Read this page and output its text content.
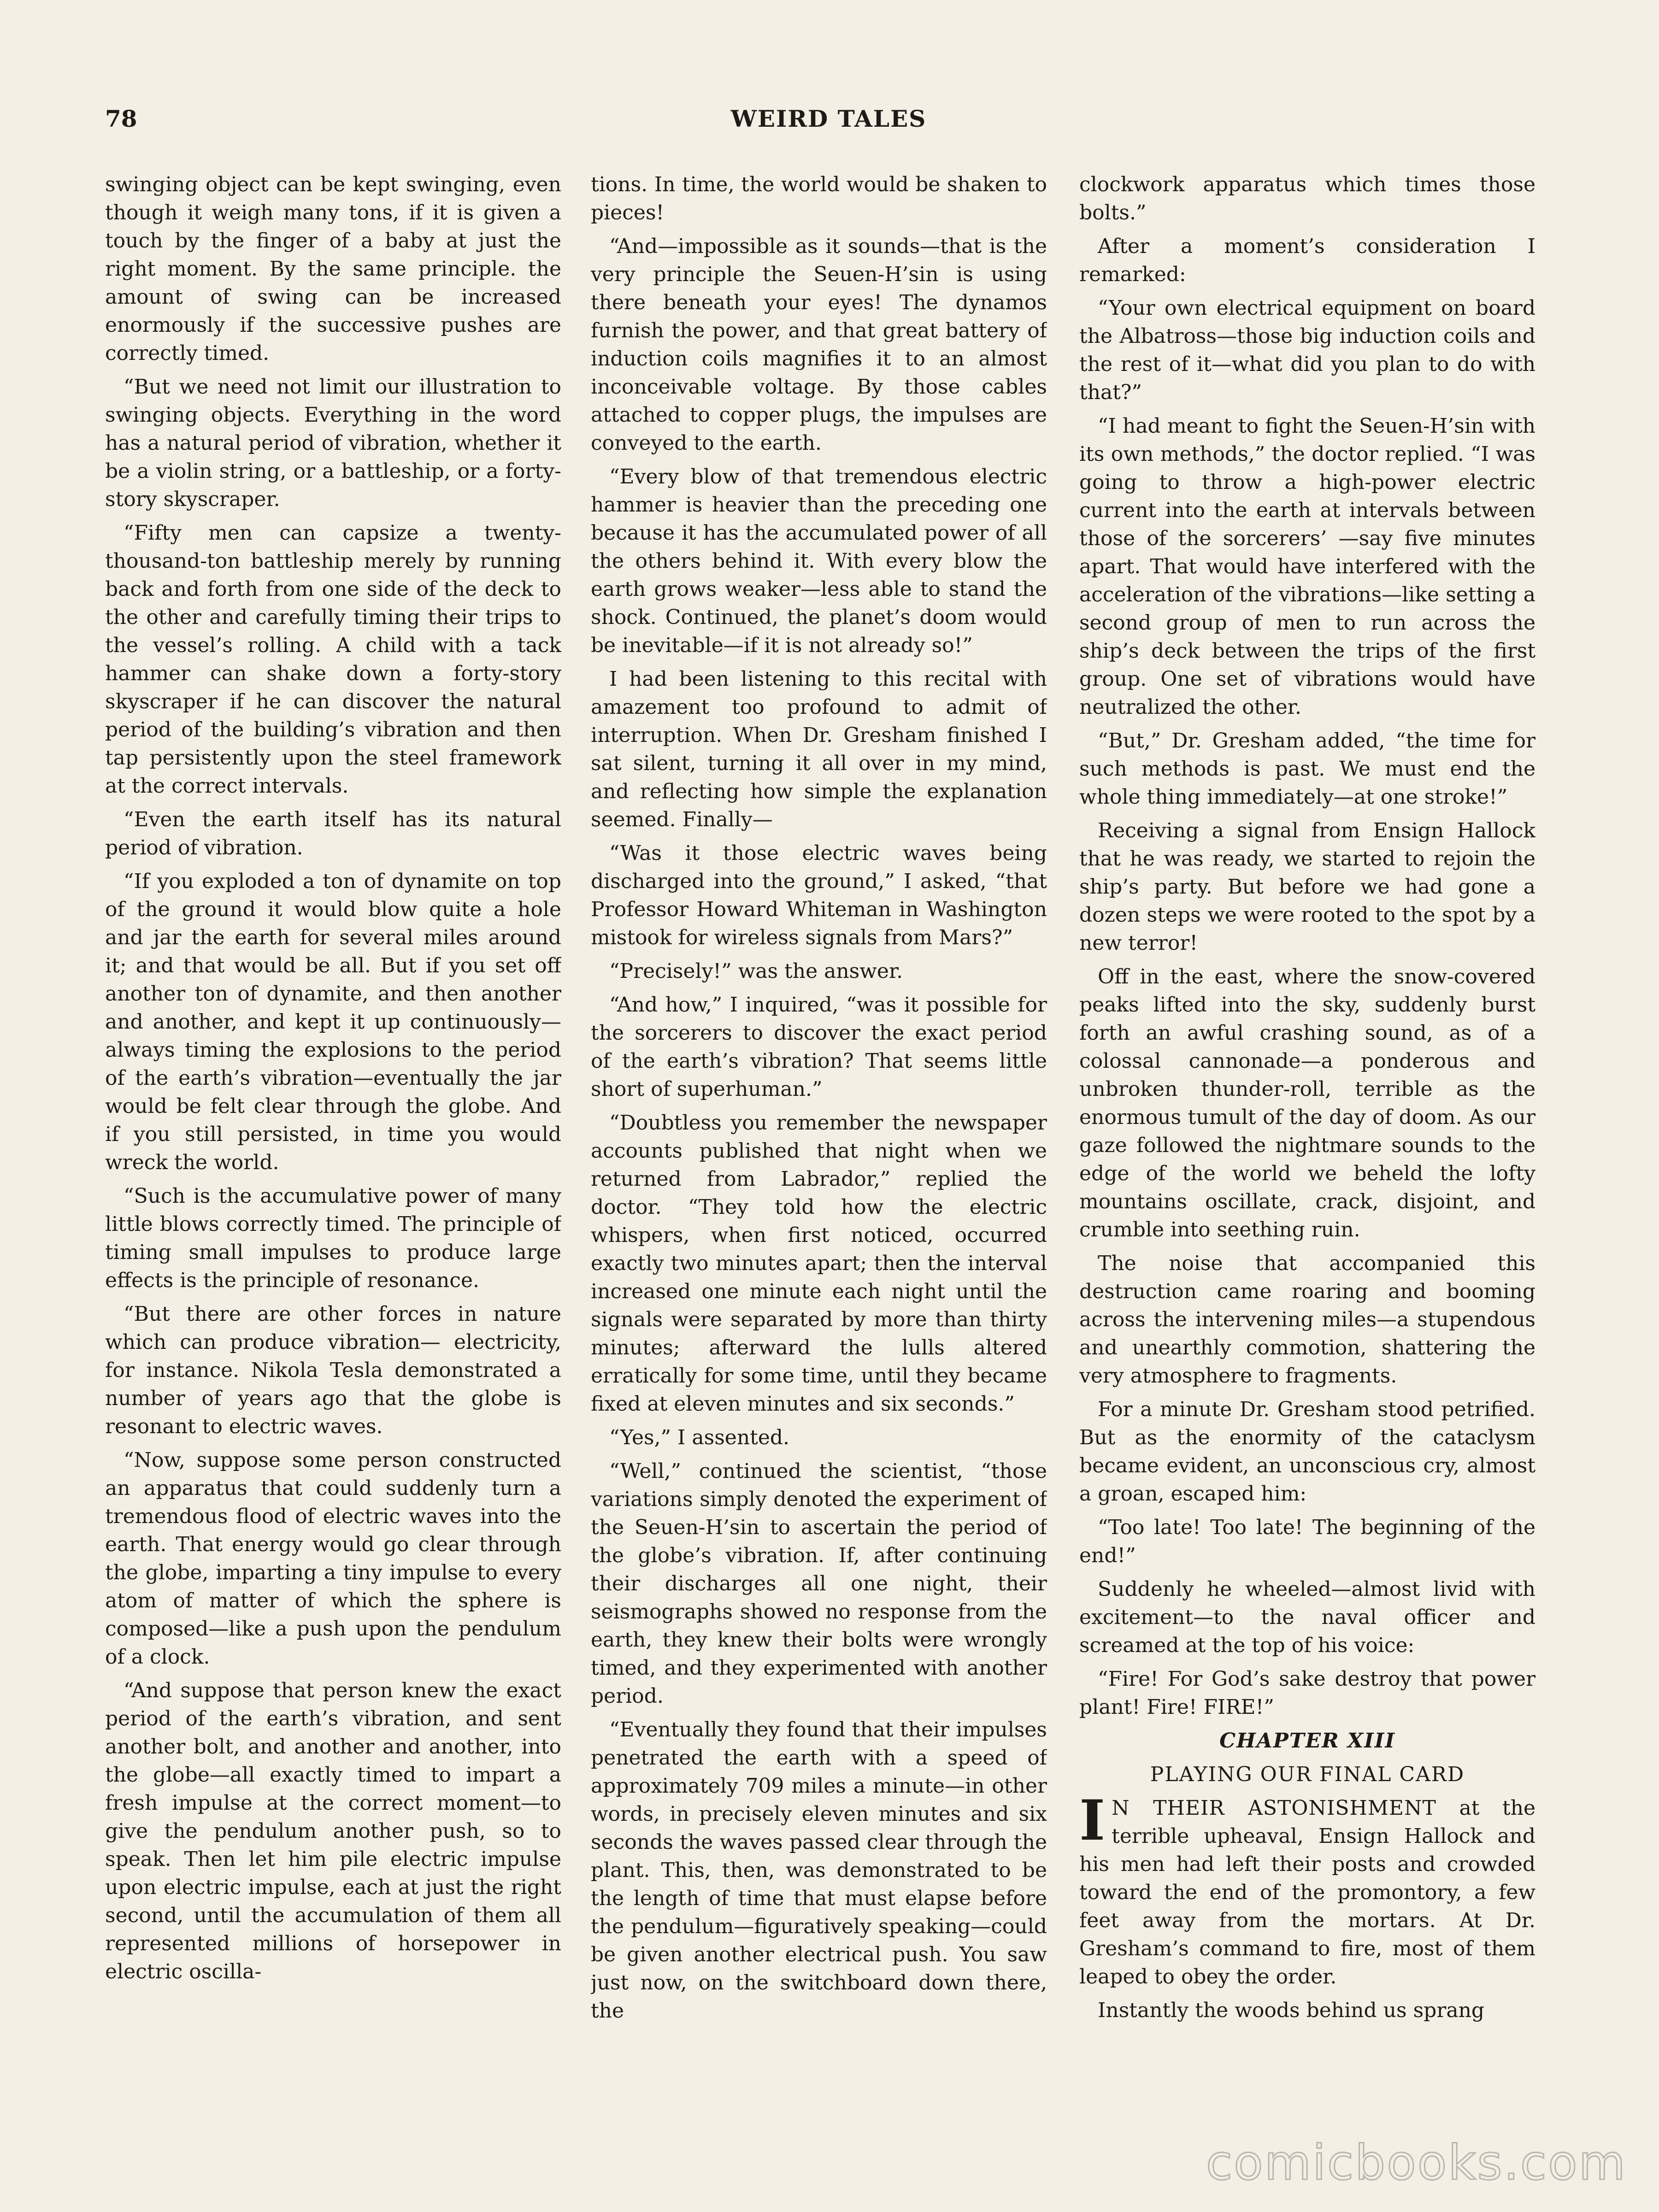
78	WEIRD TALES

swinging object can be kept swinging, even though it weigh many tons, if it is given a touch by the finger of a baby at just the right moment. By the same principle. the amount of swing can be increased enormously if the successive pushes are correctly timed.

“But we need not limit our illustration to swinging objects. Everything in the word has a natural period of vibration, whether it be a violin string, or a battleship, or a forty-story skyscraper.

“Fifty men can capsize a twenty-thousand-ton battleship merely by running back and forth from one side of the deck to the other and carefully timing their trips to the vessel’s rolling. A child with a tack hammer can shake down a forty-story skyscraper if he can discover the natural period of the building’s vibration and then tap persistently upon the steel framework at the correct intervals.

“Even the earth itself has its natural period of vibration.

“If you exploded a ton of dynamite on top of the ground it would blow quite a hole and jar the earth for several miles around it; and that would be all. But if you set off another ton of dynamite, and then another and another, and kept it up continuously—always timing the explosions to the period of the earth’s vibration—eventually the jar would be felt clear through the globe. And if you still persisted, in time you would wreck the world.

“Such is the accumulative power of many little blows correctly timed. The principle of timing small impulses to produce large effects is the principle of resonance.

“But there are other forces in nature which can produce vibration— electricity, for instance. Nikola Tesla demonstrated a number of years ago that the globe is resonant to electric waves.

“Now, suppose some person constructed an apparatus that could suddenly turn a tremendous flood of electric waves into the earth. That energy would go clear through the globe, imparting a tiny impulse to every atom of matter of which the sphere is composed—like a push upon the pendulum of a clock.

“And suppose that person knew the exact period of the earth’s vibration, and sent another bolt, and another and another, into the globe—all exactly timed to impart a fresh impulse at the correct moment—to give the pendulum another push, so to speak. Then let him pile electric impulse upon electric impulse, each at just the right second, until the accumulation of them all represented millions of horsepower in electric oscilla-

tions. In time, the world would be shaken to pieces!

“And—impossible as it sounds—that is the very principle the Seuen-H’sin is using there beneath your eyes! The dynamos furnish the power, and that great battery of induction coils magnifies it to an almost inconceivable voltage. By those cables attached to copper plugs, the impulses are conveyed to the earth.

“Every blow of that tremendous electric hammer is heavier than the preceding one because it has the accumulated power of all the others behind it. With every blow the earth grows weaker—less able to stand the shock. Continued, the planet’s doom would be inevitable—if it is not already so!”

I had been listening to this recital with amazement too profound to admit of interruption. When Dr. Gresham finished I sat silent, turning it all over in my mind, and reflecting how simple the explanation seemed. Finally—

“Was it those electric waves being discharged into the ground,” I asked, “that Professor Howard Whiteman in Washington mistook for wireless signals from Mars?”

“Precisely!” was the answer.

“And how,” I inquired, “was it possible for the sorcerers to discover the exact period of the earth’s vibration? That seems little short of superhuman.”

“Doubtless you remember the newspaper accounts published that night when we returned from Labrador,” replied the doctor. “They told how the electric whispers, when first noticed, occurred exactly two minutes apart; then the interval increased one minute each night until the signals were separated by more than thirty minutes; afterward the lulls altered erratically for some time, until they became fixed at eleven minutes and six seconds.”

“Yes,” I assented.

“Well,” continued the scientist, “those variations simply denoted the experiment of the Seuen-H’sin to ascertain the period of the globe’s vibration. If, after continuing their discharges all one night, their seismographs showed no response from the earth, they knew their bolts were wrongly timed, and they experimented with another period.

“Eventually they found that their impulses penetrated the earth with a speed of approximately 709 miles a minute—in other words, in precisely eleven minutes and six seconds the waves passed clear through the plant. This, then, was demonstrated to be the length of time that must elapse before the pendulum—figuratively speaking—could be given another electrical push. You saw just now, on the switchboard down there, the

clockwork apparatus which times those bolts.”

After a moment’s consideration I remarked:

“Your own electrical equipment on board the Albatross—those big induction coils and the rest of it—what did you plan to do with that?”

“I had meant to fight the Seuen-H’sin with its own methods,” the doctor replied. “I was going to throw a high-power electric current into the earth at intervals between those of the sorcerers’ —say five minutes apart. That would have interfered with the acceleration of the vibrations—like setting a second group of men to run across the ship’s deck between the trips of the first group. One set of vibrations would have neutralized the other.

“But,” Dr. Gresham added, “the time for such methods is past. We must end the whole thing immediately—at one stroke!”

Receiving a signal from Ensign Hallock that he was ready, we started to rejoin the ship’s party. But before we had gone a dozen steps we were rooted to the spot by a new terror!

Off in the east, where the snow-covered peaks lifted into the sky, suddenly burst forth an awful crashing sound, as of a colossal cannonade—a ponderous and unbroken thunder-roll, terrible as the enormous tumult of the day of doom. As our gaze followed the nightmare sounds to the edge of the world we beheld the lofty mountains oscillate, crack, disjoint, and crumble into seething ruin.

The noise that accompanied this destruction came roaring and booming across the intervening miles—a stupendous and unearthly commotion, shattering the very atmosphere to fragments.

For a minute Dr. Gresham stood petrified. But as the enormity of the cataclysm became evident, an unconscious cry, almost a groan, escaped him:

“Too late! Too late! The beginning of the end!”

Suddenly he wheeled—almost livid with excitement—to the naval officer and screamed at the top of his voice:

“Fire! For God’s sake destroy that power plant! Fire! FIRE!”

CHAPTER XIII

PLAYING OUR FINAL CARD

I N THEIR ASTONISHMENT at the terrible upheaval, Ensign Hallock and his men had left their posts and crowded toward the end of the promontory, a few feet away from the mortars. At Dr. Gresham’s command to fire, most of them leaped to obey the order.

Instantly the woods behind us sprang

comicbooks.com
